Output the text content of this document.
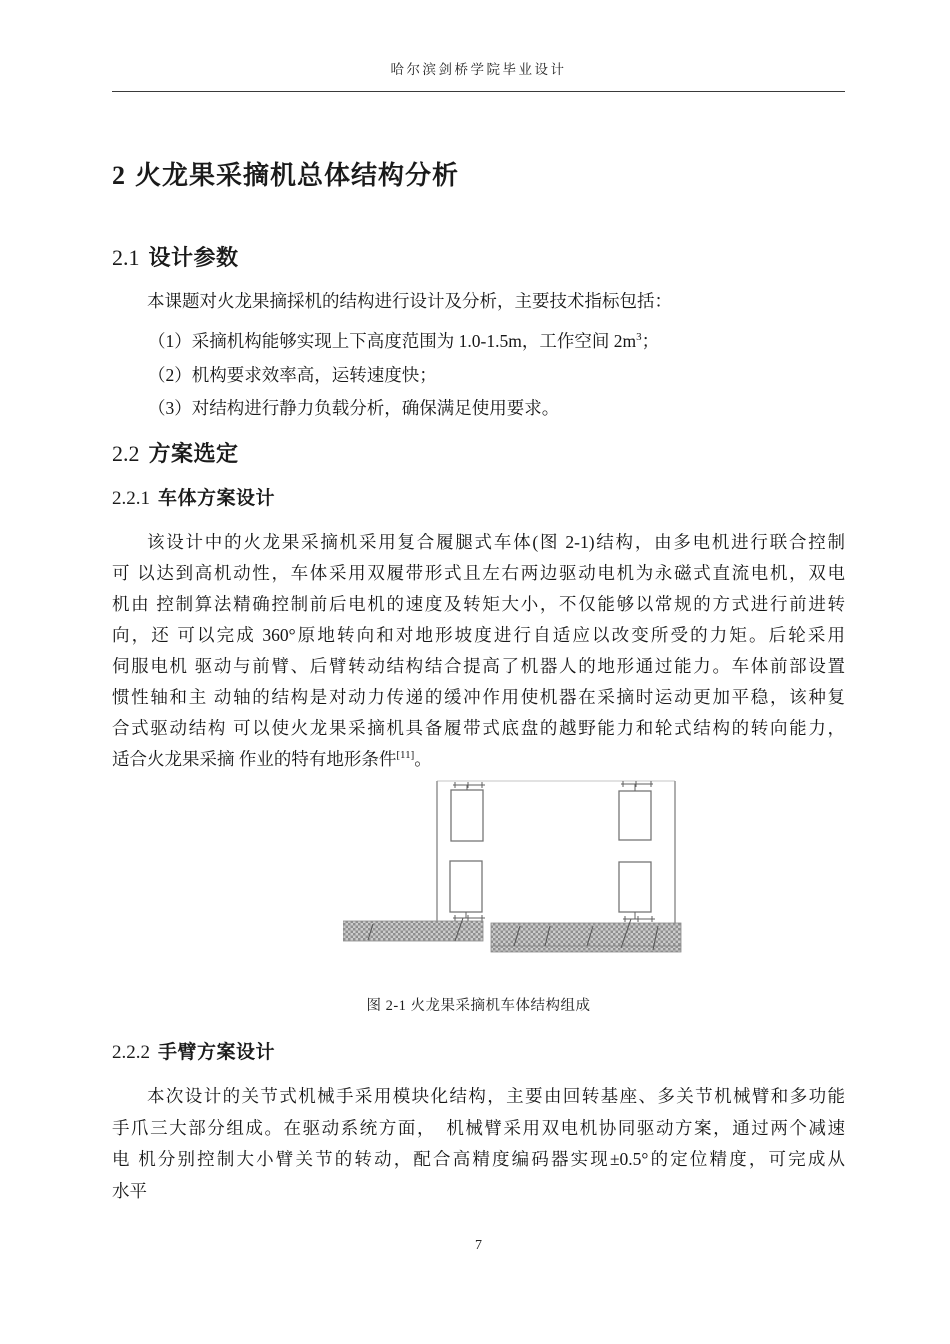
哈尔滨剑桥学院毕业设计
2 火龙果采摘机总体结构分析
2.1 设计参数
本课题对火龙果摘採机的结构进行设计及分析，主要技术指标包括：
（1）采摘机构能够实现上下高度范围为 1.0-1.5m，工作空间 $2m^3$；
（2）机构要求效率高，运转速度快；
（3）对结构进行静力负载分析，确保满足使用要求。
2.2 方案选定
2.2.1 车体方案设计
该设计中的火龙果采摘机采用复合履腿式车体(图 2-1)结构，由多电机进行联合控制
可 以达到高机动性，车体采用双履带形式且左右两边驱动电机为永磁式直流电机，双电
机由 控制算法精确控制前后电机的速度及转矩大小，不仅能够以常规的方式进行前进转
向，还 可以完成 360°原地转向和对地形坡度进行自适应以改变所受的力矩。后轮采用
伺服电机 驱动与前臂、后臂转动结构结合提高了机器人的地形通过能力。车体前部设置
惯性轴和主 动轴的结构是对动力传递的缓冲作用使机器在采摘时运动更加平稳，该种复
合式驱动结构 可以使火龙果采摘机具备履带式底盘的越野能力和轮式结构的转向能力，
适合火龙果采摘 作业的特有地形条件[11]。
图 2-1 火龙果采摘机车体结构组成
2.2.2 手臂方案设计
本次设计的关节式机械手采用模块化结构，主要由回转基座、多关节机械臂和多功能
手爪三大部分组成。在驱动系统方面，　机械臂采用双电机协同驱动方案，通过两个减速
电 机分别控制大小臂关节的转动，配合高精度编码器实现±0.5°的定位精度，可完成从
水平
7
